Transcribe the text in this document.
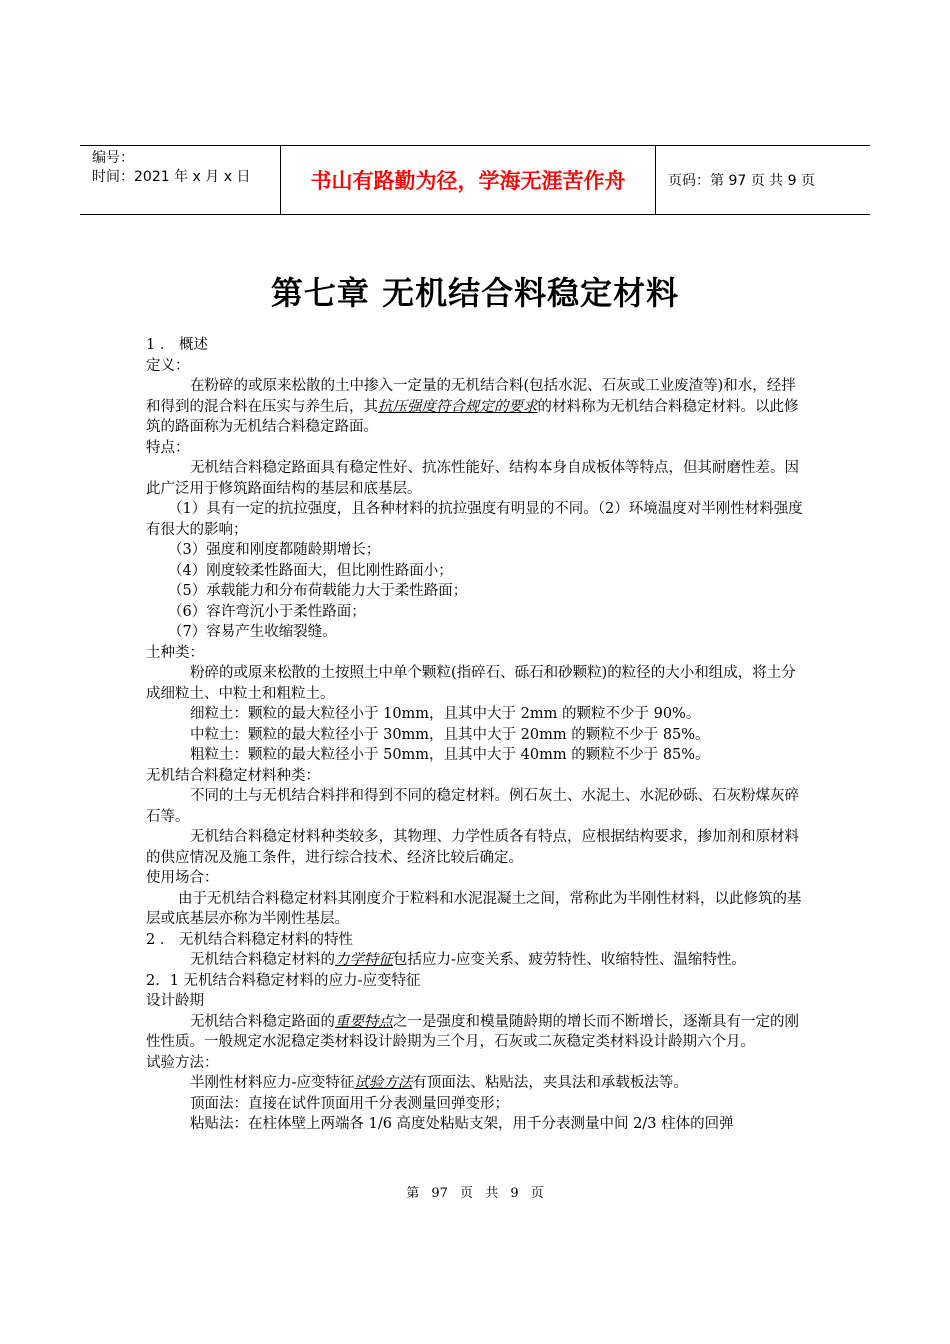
编号：
时间：2021 年 x 月 x 日	书山有路勤为径，学海无涯苦作舟	页码：第 97 页 共 9 页
第七章 无机结合料稳定材料

1 ． 概述

定义：

在粉碎的或原来松散的土中掺入一定量的无机结合料(包括水泥、石灰或工业废渣等)和水，经拌和得到的混合料在压实与养生后，其抗压强度符合规定的要求的材料称为无机结合料稳定材料。以此修筑的路面称为无机结合料稳定路面。

特点：

无机结合料稳定路面具有稳定性好、抗冻性能好、结构本身自成板体等特点，但其耐磨性差。因此广泛用于修筑路面结构的基层和底基层。

（1）具有一定的抗拉强度，且各种材料的抗拉强度有明显的不同。（2）环境温度对半刚性材料强度有很大的影响；

（3）强度和刚度都随龄期增长；

（4）刚度较柔性路面大，但比刚性路面小；

（5）承载能力和分布荷载能力大于柔性路面；

（6）容许弯沉小于柔性路面；

（7）容易产生收缩裂缝。

土种类：

粉碎的或原来松散的土按照土中单个颗粒(指碎石、砾石和砂颗粒)的粒径的大小和组成，将土分成细粒土、中粒土和粗粒土。

细粒土：颗粒的最大粒径小于 10mm，且其中大于 2mm 的颗粒不少于 90%。

中粒土：颗粒的最大粒径小于 30mm，且其中大于 20mm 的颗粒不少于 85%。

粗粒土：颗粒的最大粒径小于 50mm，且其中大于 40mm 的颗粒不少于 85%。

无机结合料稳定材料种类：

不同的土与无机结合料拌和得到不同的稳定材料。例石灰土、水泥土、水泥砂砾、石灰粉煤灰碎石等。

无机结合料稳定材料种类较多，其物理、力学性质各有特点，应根据结构要求，掺加剂和原材料的供应情况及施工条件，进行综合技术、经济比较后确定。

使用场合：

由于无机结合料稳定材料其刚度介于粒料和水泥混凝土之间，常称此为半刚性材料，以此修筑的基层或底基层亦称为半刚性基层。

2 ． 无机结合料稳定材料的特性

无机结合料稳定材料的力学特征包括应力-应变关系、疲劳特性、收缩特性、温缩特性。

2．1 无机结合料稳定材料的应力-应变特征

设计龄期

无机结合料稳定路面的重要特点之一是强度和模量随龄期的增长而不断增长，逐渐具有一定的刚性性质。一般规定水泥稳定类材料设计龄期为三个月，石灰或二灰稳定类材料设计龄期六个月。

试验方法：

半刚性材料应力-应变特征试验方法有顶面法、粘贴法，夹具法和承载板法等。

顶面法：直接在试件顶面用千分表测量回弹变形；

粘贴法：在柱体壁上两端各 1/6 高度处粘贴支架，用千分表测量中间 2/3 柱体的回弹

第 97 页 共 9 页
